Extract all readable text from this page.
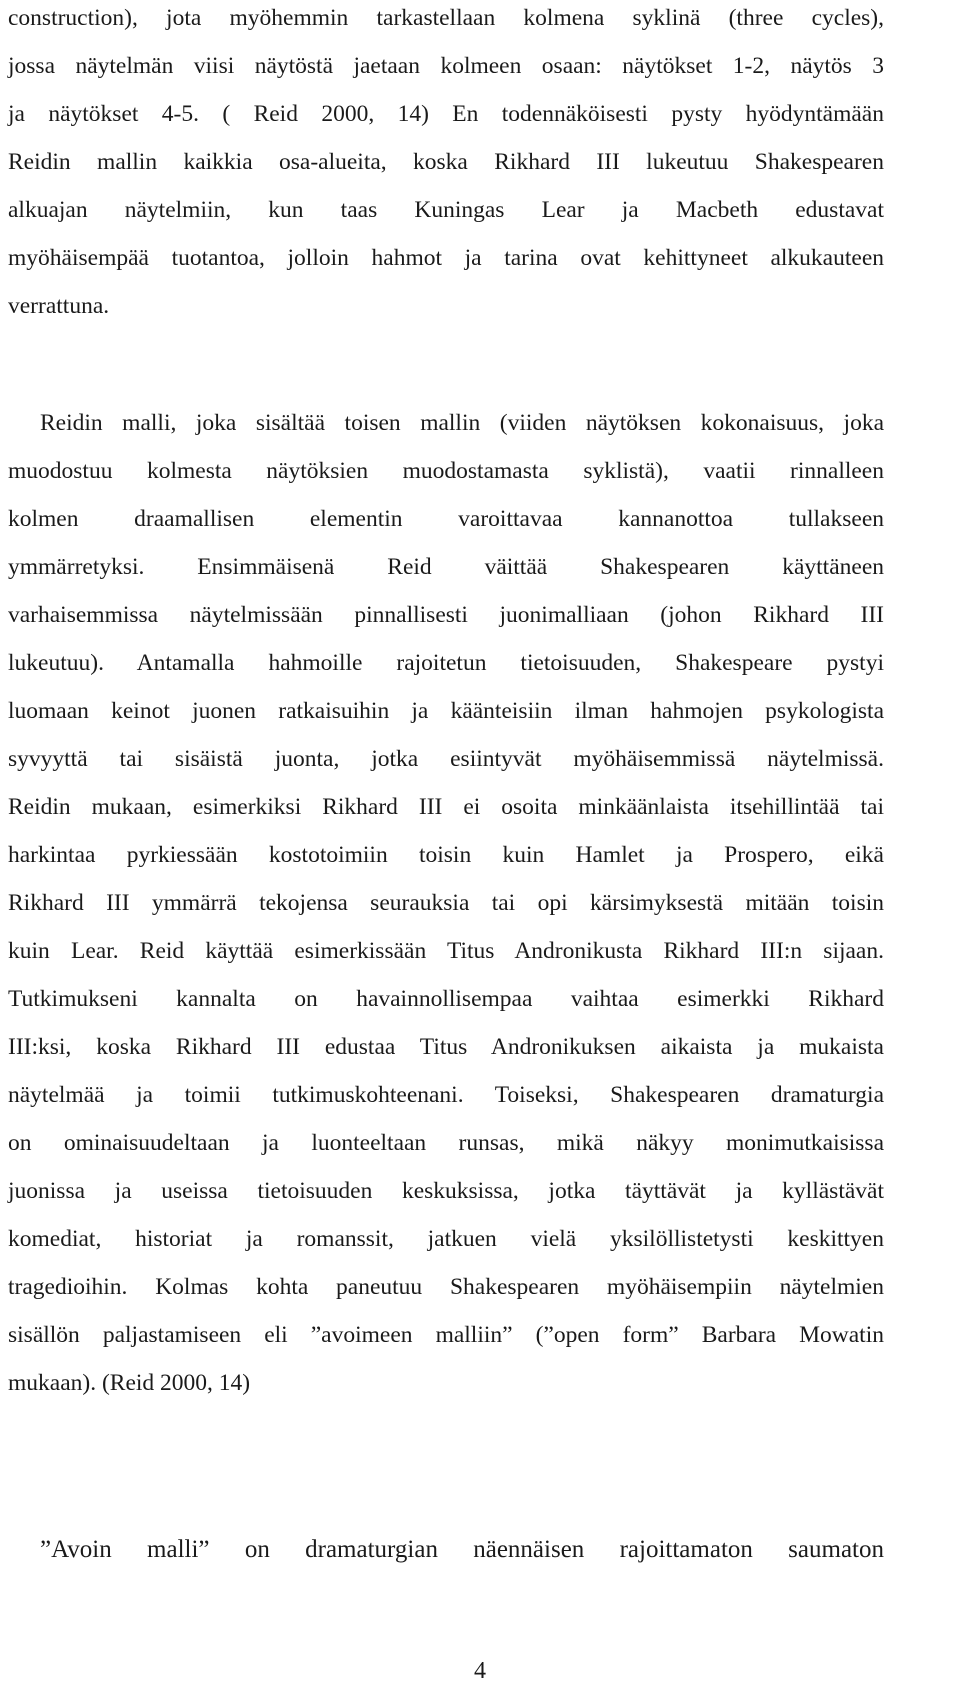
construction), jota myöhemmin tarkastellaan kolmena syklinä (three cycles),
jossa näytelmän viisi näytöstä jaetaan kolmeen osaan: näytökset 1-2, näytös 3
ja näytökset 4-5. ( Reid 2000, 14) En todennäköisesti pysty hyödyntämään
Reidin mallin kaikkia osa-alueita, koska Rikhard III lukeutuu Shakespearen
alkuajan näytelmiin, kun taas Kuningas Lear ja Macbeth edustavat
myöhäisempää tuotantoa, jolloin hahmot ja tarina ovat kehittyneet alkukauteen
verrattuna.
Reidin malli, joka sisältää toisen mallin (viiden näytöksen kokonaisuus, joka
muodostuu kolmesta näytöksien muodostamasta syklistä), vaatii rinnalleen
kolmen draamallisen elementin varoittavaa kannanottoa tullakseen
ymmärretyksi. Ensimmäisenä Reid väittää Shakespearen käyttäneen
varhaisemmissa näytelmissään pinnallisesti juonimalliaan (johon Rikhard III
lukeutuu). Antamalla hahmoille rajoitetun tietoisuuden, Shakespeare pystyi
luomaan keinot juonen ratkaisuihin ja käänteisiin ilman hahmojen psykologista
syvyyttä tai sisäistä juonta, jotka esiintyvät myöhäisemmissä näytelmissä.
Reidin mukaan, esimerkiksi Rikhard III ei osoita minkäänlaista itsehillintää tai
harkintaa pyrkiessään kostotoimiin toisin kuin Hamlet ja Prospero, eikä
Rikhard III ymmärrä tekojensa seurauksia tai opi kärsimyksestä mitään toisin
kuin Lear. Reid käyttää esimerkissään Titus Andronikusta Rikhard III:n sijaan.
Tutkimukseni kannalta on havainnollisempaa vaihtaa esimerkki Rikhard
III:ksi, koska Rikhard III edustaa Titus Andronikuksen aikaista ja mukaista
näytelmää ja toimii tutkimuskohteenani. Toiseksi, Shakespearen dramaturgia
on ominaisuudeltaan ja luonteeltaan runsas, mikä näkyy monimutkaisissa
juonissa ja useissa tietoisuuden keskuksissa, jotka täyttävät ja kyllästävät
komediat, historiat ja romanssit, jatkuen vielä yksilöllistetysti keskittyen
tragedioihin. Kolmas kohta paneutuu Shakespearen myöhäisempiin näytelmien
sisällön paljastamiseen eli ”avoimeen malliin” (”open form” Barbara Mowatin
mukaan). (Reid 2000, 14)
”Avoin malli” on dramaturgian näennäisen rajoittamaton saumaton
4
